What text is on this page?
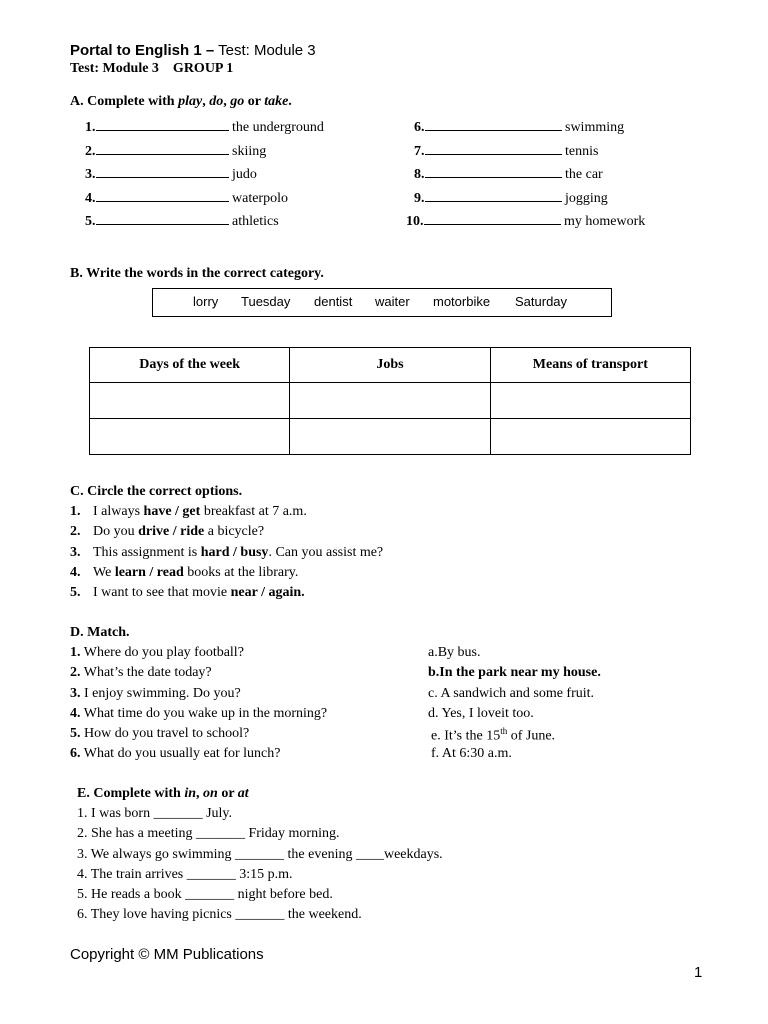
Portal to English 1 – Test: Module 3
Test: Module 3    GROUP 1
A. Complete with play, do, go or take.
1.	the underground
2.	skiing
3.	judo
4.	waterpolo
5.	athletics
6.	swimming
7.	tennis
8.	the car
9.	jogging
10.	my homework
B. Write the words in the correct category.
lorry Tuesday dentist waiter motorbike Saturday
Days of the week	Jobs	Means of transport

C. Circle the correct options.
1. I always have / get breakfast at 7 a.m.
2. Do you drive / ride a bicycle?
3. This assignment is hard / busy. Can you assist me?
4. We learn / read books at the library.
5. I want to see that movie near / again.
D. Match.
1. Where do you play football?
2. What’s the date today?
3. I enjoy swimming. Do you?
4. What time do you wake up in the morning?
5. How do you travel to school?
6. What do you usually eat for lunch?
a.By bus.
b.In the park near my house.
c. A sandwich and some fruit.
d. Yes, I loveit too.
e. It’s the 15th of June.
f. At 6:30 a.m.
E. Complete with in, on or at
1. I was born _______ July.
2. She has a meeting _______ Friday morning.
3. We always go swimming _______ the evening ____weekdays.
4. The train arrives _______ 3:15 p.m.
5. He reads a book _______ night before bed.
6. They love having picnics _______ the weekend.
Copyright © MM Publications
1
